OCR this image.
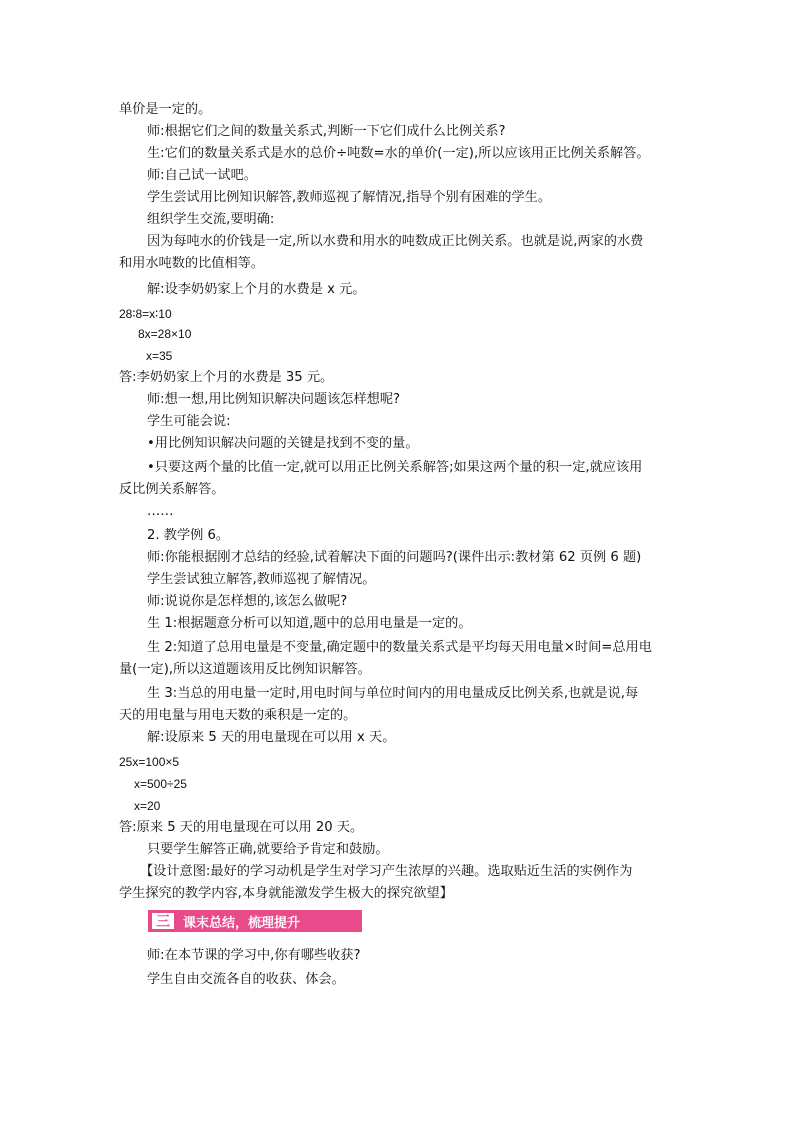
三	课末总结，梳理提升
单价是一定的。
师:根据它们之间的数量关系式,判断一下它们成什么比例关系?
生:它们的数量关系式是水的总价÷吨数=水的单价(一定),所以应该用正比例关系解答。
师:自己试一试吧。
学生尝试用比例知识解答,教师巡视了解情况,指导个别有困难的学生。
组织学生交流,要明确:
因为每吨水的价钱是一定,所以水费和用水的吨数成正比例关系。也就是说,两家的水费
和用水吨数的比值相等。
解:设李奶奶家上个月的水费是 x 元。
28∶8=x∶10
8x=28×10
x=35
答:李奶奶家上个月的水费是 35 元。
师:想一想,用比例知识解决问题该怎样想呢?
学生可能会说:
•用比例知识解决问题的关键是找到不变的量。
•只要这两个量的比值一定,就可以用正比例关系解答;如果这两个量的积一定,就应该用
反比例关系解答。
……
2. 教学例 6。
师:你能根据刚才总结的经验,试着解决下面的问题吗?(课件出示:教材第 62 页例 6 题)
学生尝试独立解答,教师巡视了解情况。
师:说说你是怎样想的,该怎么做呢?
生 1:根据题意分析可以知道,题中的总用电量是一定的。
生 2:知道了总用电量是不变量,确定题中的数量关系式是平均每天用电量×时间=总用电
量(一定),所以这道题该用反比例知识解答。
生 3:当总的用电量一定时,用电时间与单位时间内的用电量成反比例关系,也就是说,每
天的用电量与用电天数的乘积是一定的。
解:设原来 5 天的用电量现在可以用 x 天。
25x=100×5
x=500÷25
x=20
答:原来 5 天的用电量现在可以用 20 天。
只要学生解答正确,就要给予肯定和鼓励。
【设计意图:最好的学习动机是学生对学习产生浓厚的兴趣。选取贴近生活的实例作为
学生探究的教学内容,本身就能激发学生极大的探究欲望】
师:在本节课的学习中,你有哪些收获?
学生自由交流各自的收获、体会。
